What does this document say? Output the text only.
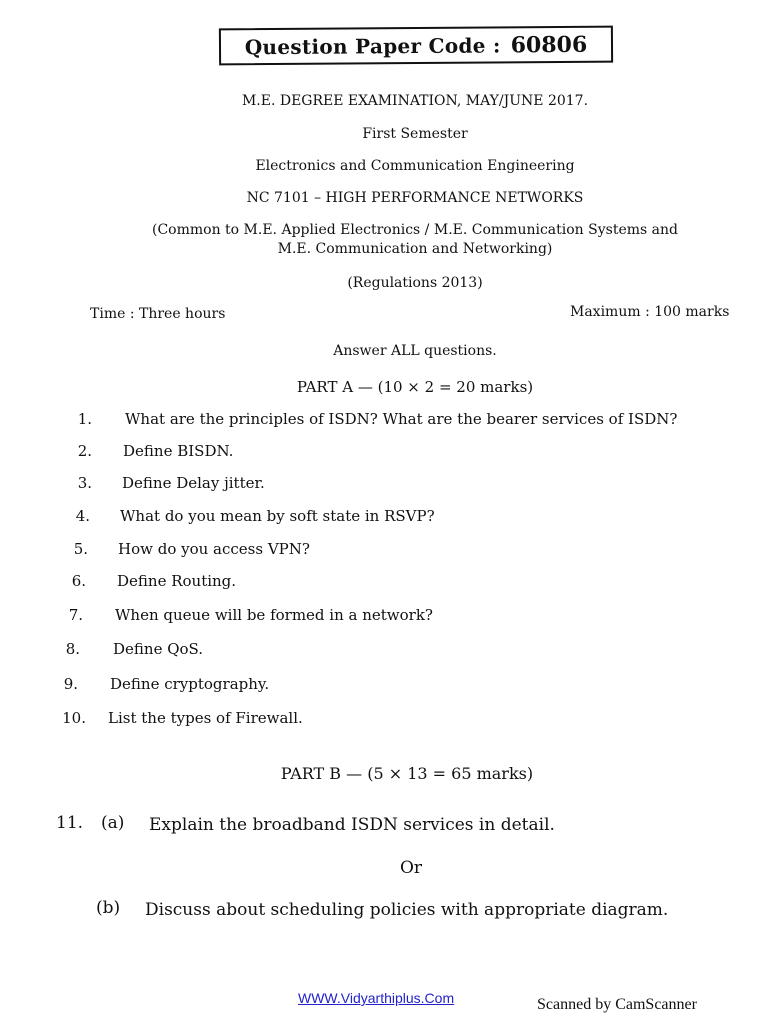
Question Paper Code : 60806
M.E. DEGREE EXAMINATION, MAY/JUNE 2017.
First Semester
Electronics and Communication Engineering
NC 7101 – HIGH PERFORMANCE NETWORKS
(Common to M.E. Applied Electronics / M.E. Communication Systems and
M.E. Communication and Networking)
(Regulations 2013)
Time : Three hours	Maximum : 100 marks
Answer ALL questions.
PART A — (10 × 2 = 20 marks)
1. What are the principles of ISDN? What are the bearer services of ISDN?
2. Define BISDN.
3. Define Delay jitter.
4. What do you mean by soft state in RSVP?
5. How do you access VPN?
6. Define Routing.
7. When queue will be formed in a network?
8. Define QoS.
9. Define cryptography.
10. List the types of Firewall.
PART B — (5 × 13 = 65 marks)
11. (a) Explain the broadband ISDN services in detail.
Or
(b) Discuss about scheduling policies with appropriate diagram.
WWW.Vidyarthiplus.Com	Scanned by CamScanner
